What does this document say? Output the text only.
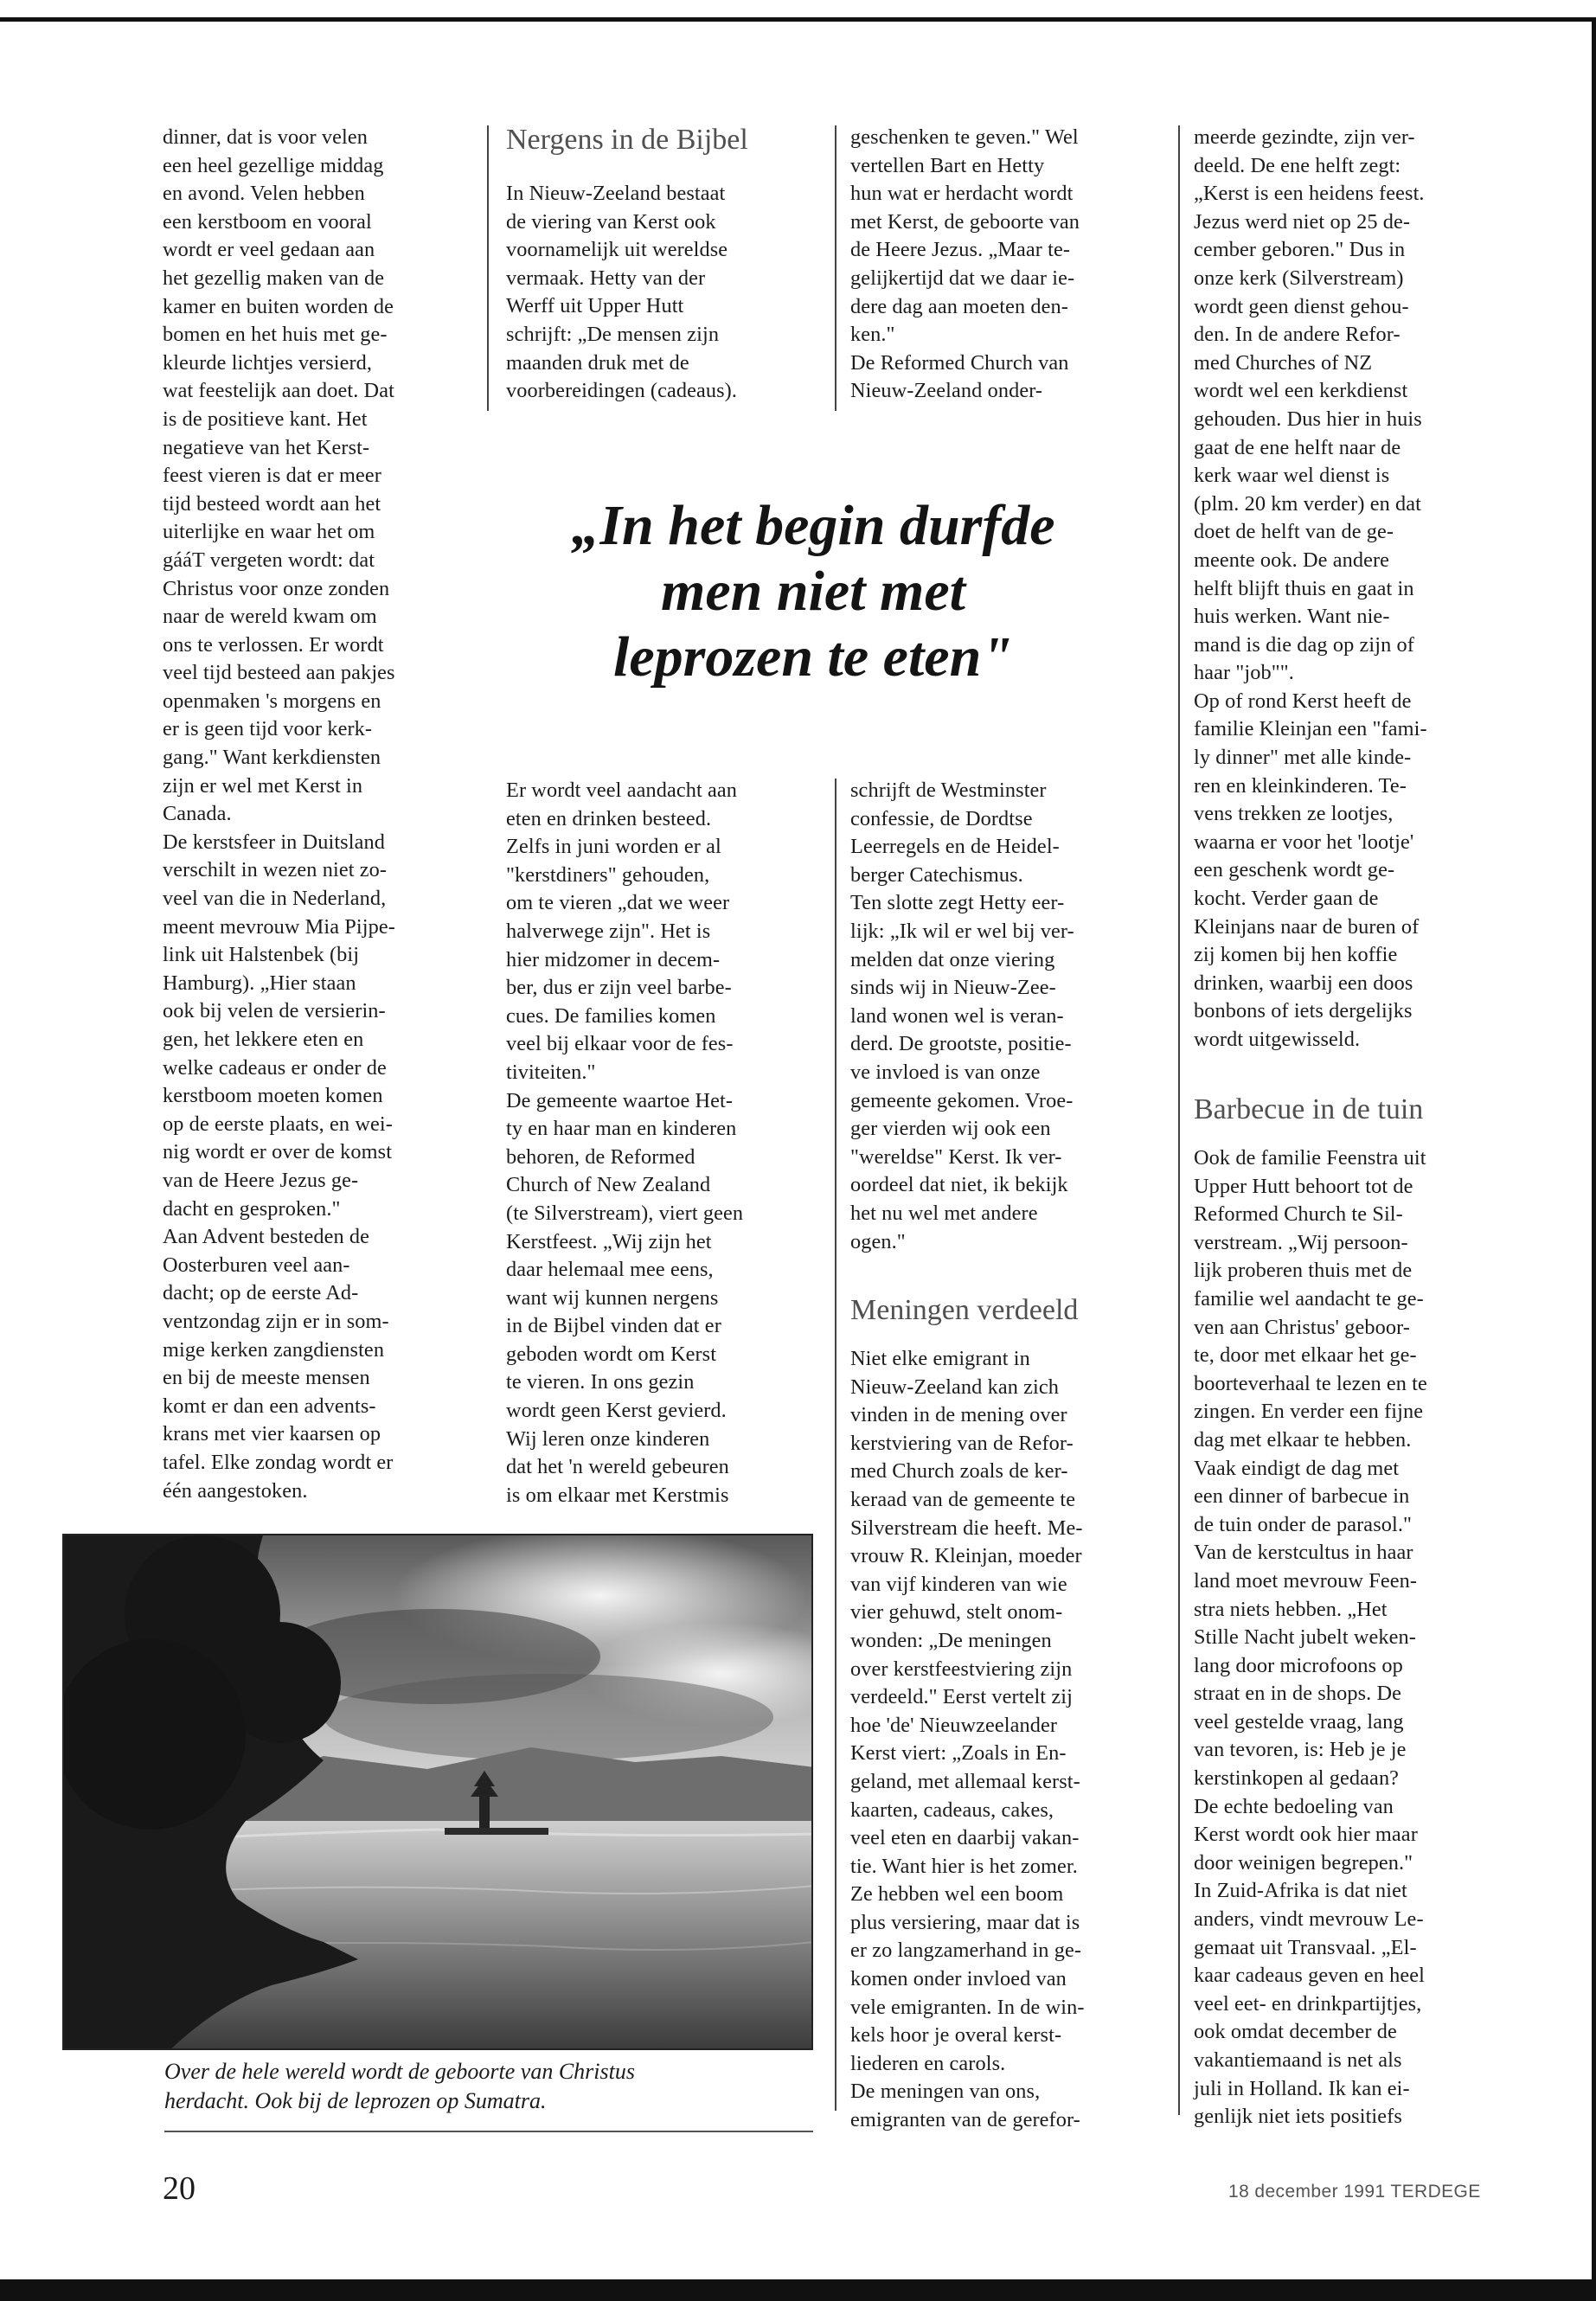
dinner, dat is voor velen
een heel gezellige middag
en avond. Velen hebben
een kerstboom en vooral
wordt er veel gedaan aan
het gezellig maken van de
kamer en buiten worden de
bomen en het huis met ge-
kleurde lichtjes versierd,
wat feestelijk aan doet. Dat
is de positieve kant. Het
negatieve van het Kerst-
feest vieren is dat er meer
tijd besteed wordt aan het
uiterlijke en waar het om
gááT vergeten wordt: dat
Christus voor onze zonden
naar de wereld kwam om
ons te verlossen. Er wordt
veel tijd besteed aan pakjes
openmaken 's morgens en
er is geen tijd voor kerk-
gang." Want kerkdiensten
zijn er wel met Kerst in
Canada.
De kerstsfeer in Duitsland
verschilt in wezen niet zo-
veel van die in Nederland,
meent mevrouw Mia Pijpe-
link uit Halstenbek (bij
Hamburg). „Hier staan
ook bij velen de versierin-
gen, het lekkere eten en
welke cadeaus er onder de
kerstboom moeten komen
op de eerste plaats, en wei-
nig wordt er over de komst
van de Heere Jezus ge-
dacht en gesproken."
Aan Advent besteden de
Oosterburen veel aan-
dacht; op de eerste Ad-
ventzondag zijn er in som-
mige kerken zangdiensten
en bij de meeste mensen
komt er dan een advents-
krans met vier kaarsen op
tafel. Elke zondag wordt er
één aangestoken.
Nergens in de Bijbel
In Nieuw-Zeeland bestaat
de viering van Kerst ook
voornamelijk uit wereldse
vermaak. Hetty van der
Werff uit Upper Hutt
schrijft: „De mensen zijn
maanden druk met de
voorbereidingen (cadeaus).
geschenken te geven." Wel
vertellen Bart en Hetty
hun wat er herdacht wordt
met Kerst, de geboorte van
de Heere Jezus. „Maar te-
gelijkertijd dat we daar ie-
dere dag aan moeten den-
ken."
De Reformed Church van
Nieuw-Zeeland onder-
„In het begin durfde
men niet met
leprozen te eten"
Er wordt veel aandacht aan
eten en drinken besteed.
Zelfs in juni worden er al
"kerstdiners" gehouden,
om te vieren „dat we weer
halverwege zijn". Het is
hier midzomer in decem-
ber, dus er zijn veel barbe-
cues. De families komen
veel bij elkaar voor de fes-
tiviteiten."
De gemeente waartoe Het-
ty en haar man en kinderen
behoren, de Reformed
Church of New Zealand
(te Silverstream), viert geen
Kerstfeest. „Wij zijn het
daar helemaal mee eens,
want wij kunnen nergens
in de Bijbel vinden dat er
geboden wordt om Kerst
te vieren. In ons gezin
wordt geen Kerst gevierd.
Wij leren onze kinderen
dat het 'n wereld gebeuren
is om elkaar met Kerstmis
schrijft de Westminster
confessie, de Dordtse
Leerregels en de Heidel-
berger Catechismus.
Ten slotte zegt Hetty eer-
lijk: „Ik wil er wel bij ver-
melden dat onze viering
sinds wij in Nieuw-Zee-
land wonen wel is veran-
derd. De grootste, positie-
ve invloed is van onze
gemeente gekomen. Vroe-
ger vierden wij ook een
"wereldse" Kerst. Ik ver-
oordeel dat niet, ik bekijk
het nu wel met andere
ogen."
Meningen verdeeld
Niet elke emigrant in
Nieuw-Zeeland kan zich
vinden in de mening over
kerstviering van de Refor-
med Church zoals de ker-
keraad van de gemeente te
Silverstream die heeft. Me-
vrouw R. Kleinjan, moeder
van vijf kinderen van wie
vier gehuwd, stelt onom-
wonden: „De meningen
over kerstfeestviering zijn
verdeeld." Eerst vertelt zij
hoe 'de' Nieuwzeelander
Kerst viert: „Zoals in En-
geland, met allemaal kerst-
kaarten, cadeaus, cakes,
veel eten en daarbij vakan-
tie. Want hier is het zomer.
Ze hebben wel een boom
plus versiering, maar dat is
er zo langzamerhand in ge-
komen onder invloed van
vele emigranten. In de win-
kels hoor je overal kerst-
liederen en carols.
De meningen van ons,
emigranten van de gerefor-
meerde gezindte, zijn ver-
deeld. De ene helft zegt:
„Kerst is een heidens feest.
Jezus werd niet op 25 de-
cember geboren." Dus in
onze kerk (Silverstream)
wordt geen dienst gehou-
den. In de andere Refor-
med Churches of NZ
wordt wel een kerkdienst
gehouden. Dus hier in huis
gaat de ene helft naar de
kerk waar wel dienst is
(plm. 20 km verder) en dat
doet de helft van de ge-
meente ook. De andere
helft blijft thuis en gaat in
huis werken. Want nie-
mand is die dag op zijn of
haar "job"".
Op of rond Kerst heeft de
familie Kleinjan een "fami-
ly dinner" met alle kinde-
ren en kleinkinderen. Te-
vens trekken ze lootjes,
waarna er voor het 'lootje'
een geschenk wordt ge-
kocht. Verder gaan de
Kleinjans naar de buren of
zij komen bij hen koffie
drinken, waarbij een doos
bonbons of iets dergelijks
wordt uitgewisseld.
Barbecue in de tuin
Ook de familie Feenstra uit
Upper Hutt behoort tot de
Reformed Church te Sil-
verstream. „Wij persoon-
lijk proberen thuis met de
familie wel aandacht te ge-
ven aan Christus' geboor-
te, door met elkaar het ge-
boorteverhaal te lezen en te
zingen. En verder een fijne
dag met elkaar te hebben.
Vaak eindigt de dag met
een dinner of barbecue in
de tuin onder de parasol."
Van de kerstcultus in haar
land moet mevrouw Feen-
stra niets hebben. „Het
Stille Nacht jubelt weken-
lang door microfoons op
straat en in de shops. De
veel gestelde vraag, lang
van tevoren, is: Heb je je
kerstinkopen al gedaan?
De echte bedoeling van
Kerst wordt ook hier maar
door weinigen begrepen."
In Zuid-Afrika is dat niet
anders, vindt mevrouw Le-
gemaat uit Transvaal. „El-
kaar cadeaus geven en heel
veel eet- en drinkpartijtjes,
ook omdat december de
vakantiemaand is net als
juli in Holland. Ik kan ei-
genlijk niet iets positiefs
Over de hele wereld wordt de geboorte van Christus
herdacht. Ook bij de leprozen op Sumatra.
20	18 december 1991 TERDEGE
